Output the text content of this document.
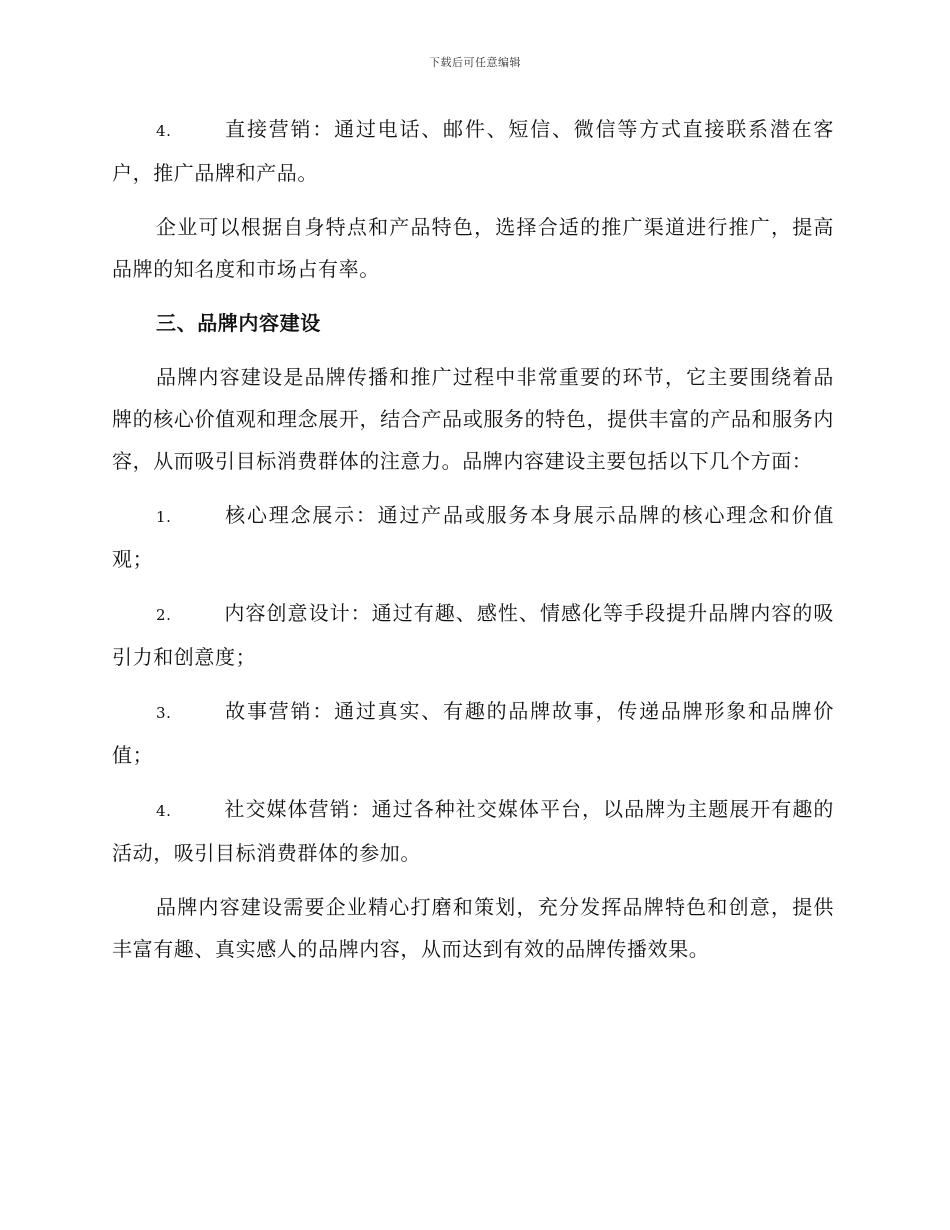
下载后可任意编辑

4.	直接营销：通过电话、邮件、短信、微信等方式直接联系潜在客户，推广品牌和产品。

企业可以根据自身特点和产品特色，选择合适的推广渠道进行推广，提高品牌的知名度和市场占有率。

三、品牌内容建设

品牌内容建设是品牌传播和推广过程中非常重要的环节，它主要围绕着品牌的核心价值观和理念展开，结合产品或服务的特色，提供丰富的产品和服务内容，从而吸引目标消费群体的注意力。品牌内容建设主要包括以下几个方面：

1.	核心理念展示：通过产品或服务本身展示品牌的核心理念和价值观；

2.	内容创意设计：通过有趣、感性、情感化等手段提升品牌内容的吸引力和创意度；

3.	故事营销：通过真实、有趣的品牌故事，传递品牌形象和品牌价值；

4.	社交媒体营销：通过各种社交媒体平台，以品牌为主题展开有趣的活动，吸引目标消费群体的参加。

品牌内容建设需要企业精心打磨和策划，充分发挥品牌特色和创意，提供丰富有趣、真实感人的品牌内容，从而达到有效的品牌传播效果。
